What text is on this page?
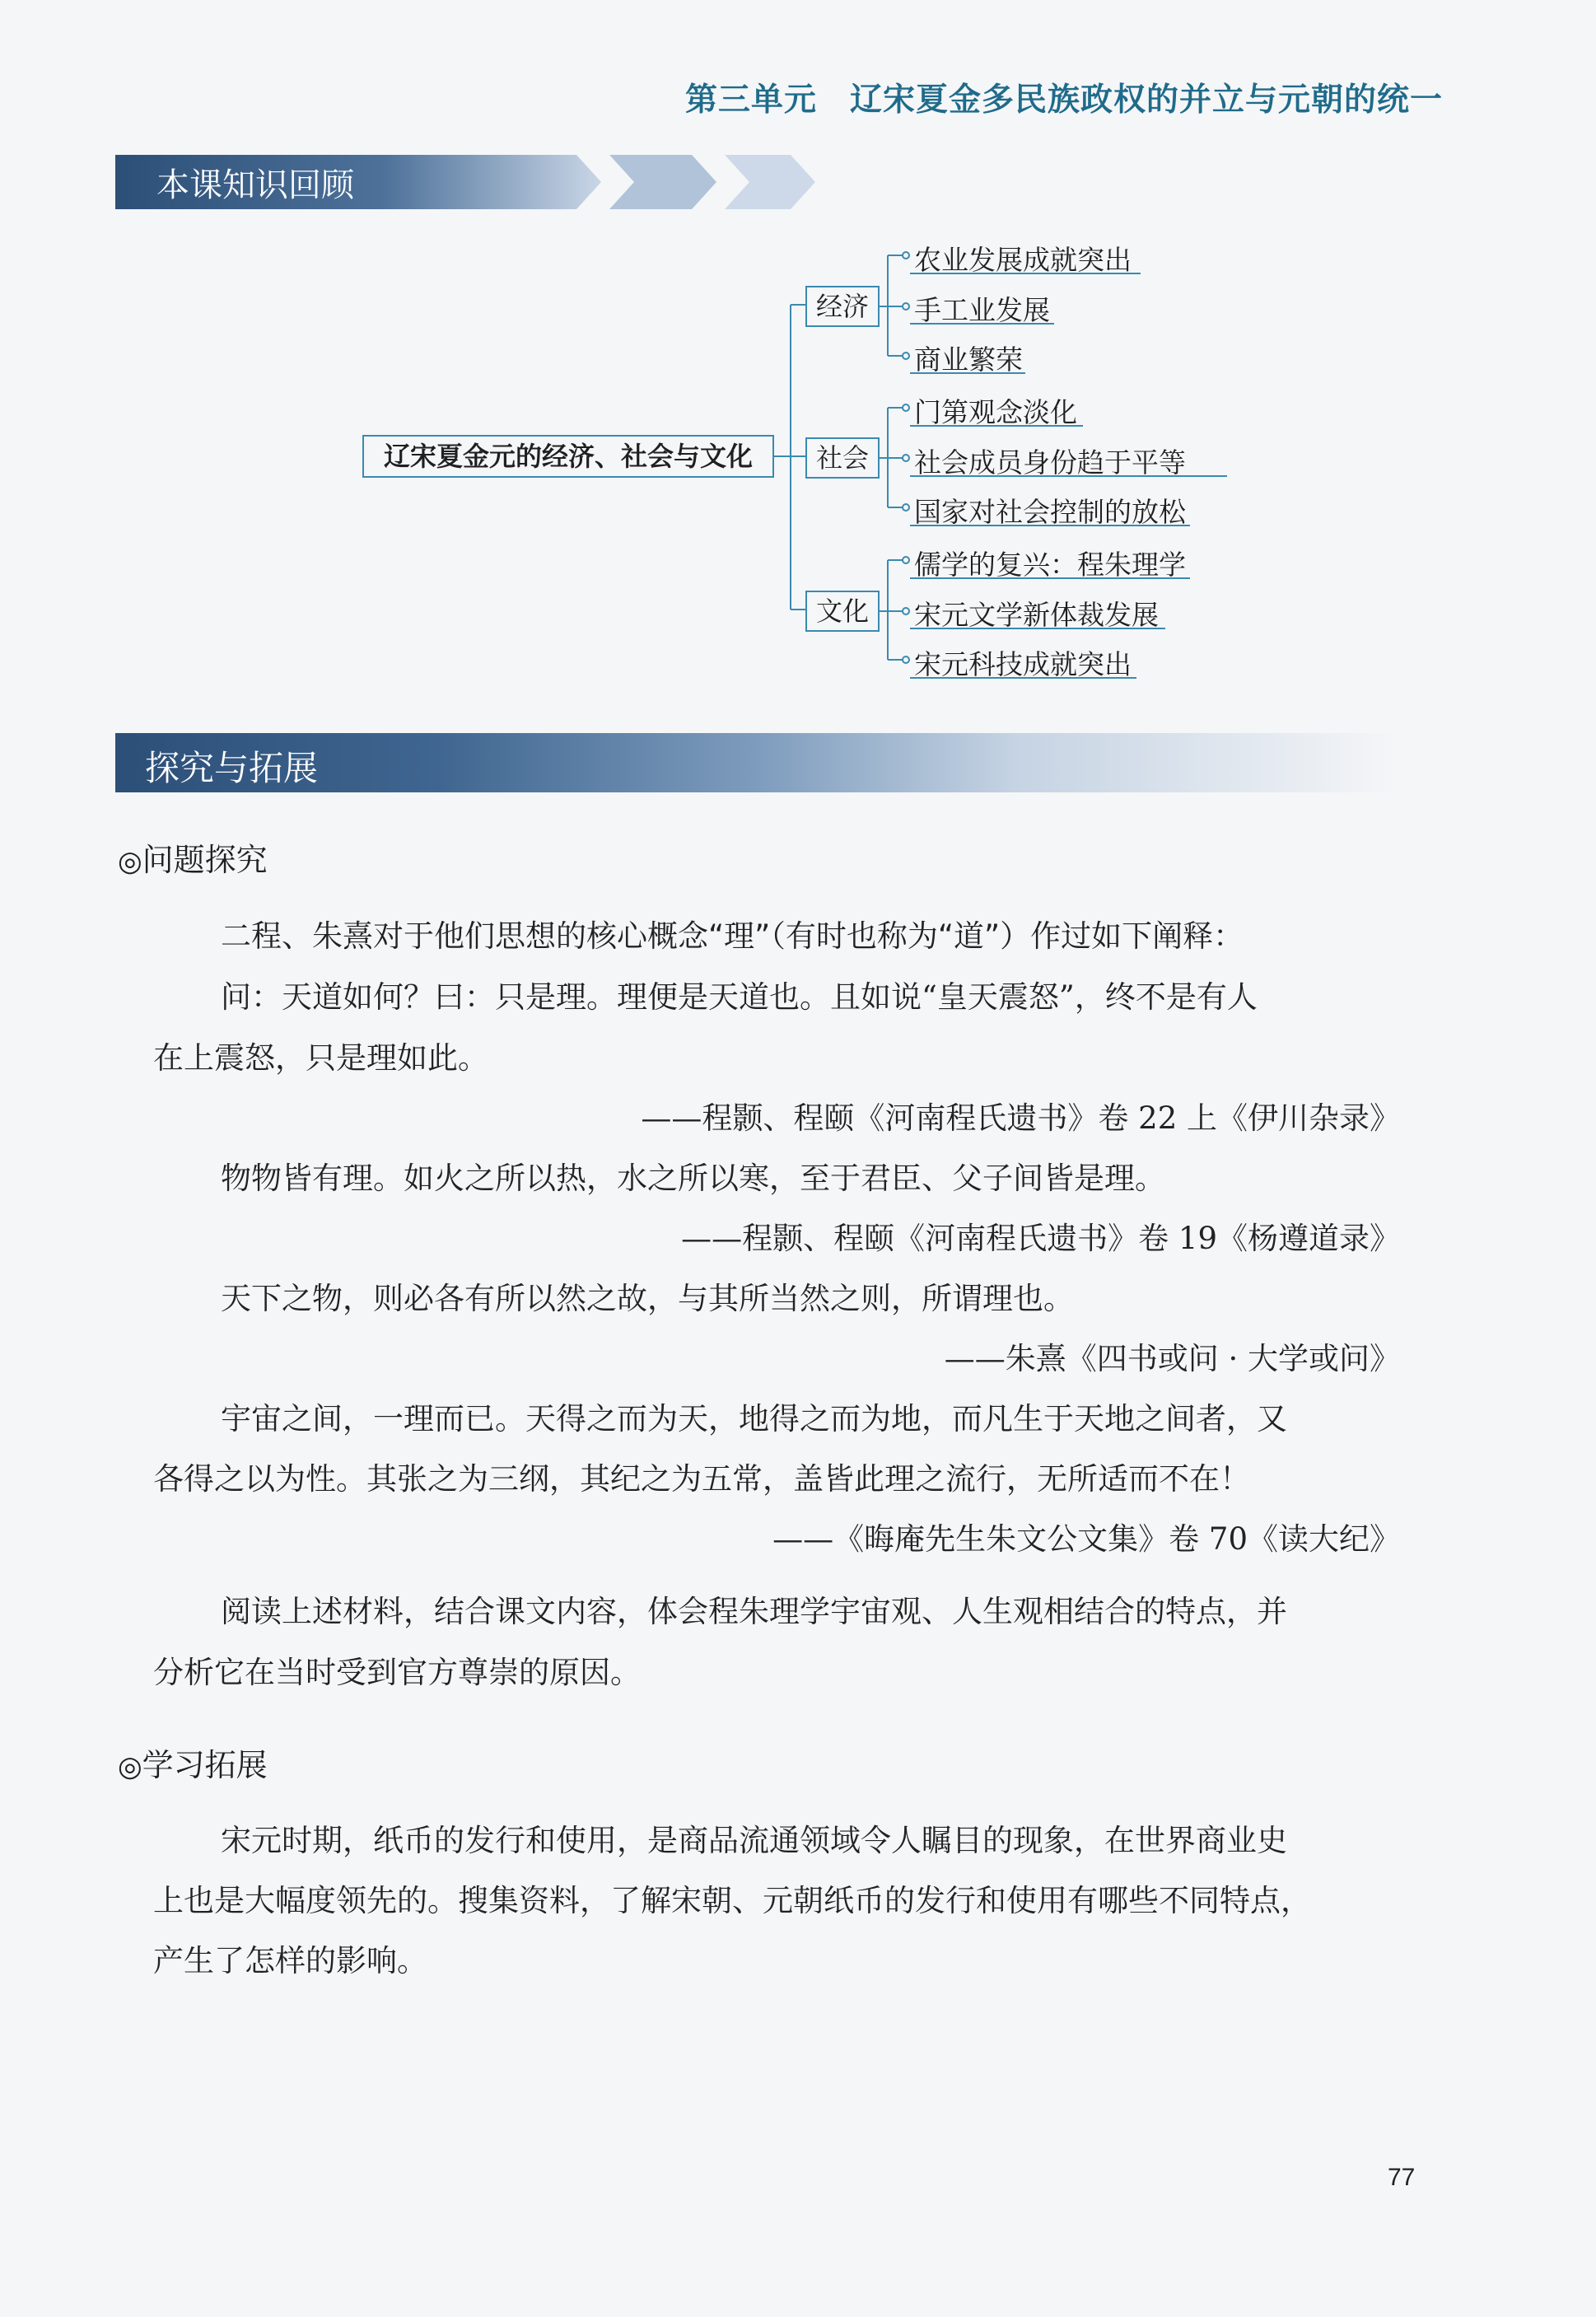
第三单元 辽宋夏金多民族政权的并立与元朝的统一
本课知识回顾
辽宋夏金元的经济、社会与文化
经济
社会
文化
农业发展成就突出
手工业发展
商业繁荣
门第观念淡化
社会成员身份趋于平等
国家对社会控制的放松
儒学的复兴：程朱理学
宋元文学新体裁发展
宋元科技成就突出
探究与拓展
◎问题探究
二程、朱熹对于他们思想的核心概念“理”（有时也称为“道”）作过如下阐释：
问：天道如何？曰：只是理。理便是天道也。且如说“皇天震怒”，终不是有人
在上震怒，只是理如此。
——程颢、程颐《河南程氏遗书》卷 22 上《伊川杂录》
物物皆有理。如火之所以热，水之所以寒，至于君臣、父子间皆是理。
——程颢、程颐《河南程氏遗书》卷 19《杨遵道录》
天下之物，则必各有所以然之故，与其所当然之则，所谓理也。
——朱熹《四书或问 · 大学或问》
宇宙之间，一理而已。天得之而为天，地得之而为地，而凡生于天地之间者，又
各得之以为性。其张之为三纲，其纪之为五常，盖皆此理之流行，无所适而不在！
——《晦庵先生朱文公文集》卷 70《读大纪》
阅读上述材料，结合课文内容，体会程朱理学宇宙观、人生观相结合的特点，并
分析它在当时受到官方尊崇的原因。
◎学习拓展
宋元时期，纸币的发行和使用，是商品流通领域令人瞩目的现象，在世界商业史
上也是大幅度领先的。搜集资料，了解宋朝、元朝纸币的发行和使用有哪些不同特点，
产生了怎样的影响。
77
